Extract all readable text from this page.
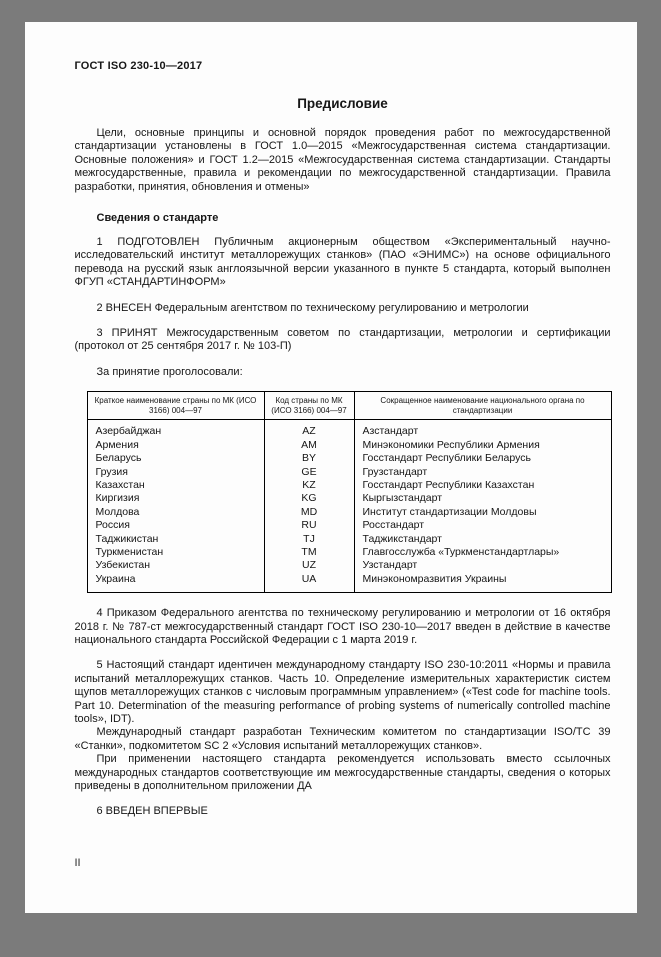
ГОСТ ISO 230-10—2017
Предисловие

Цели, основные принципы и основной порядок проведения работ по межгосударственной стандартизации установлены в ГОСТ 1.0—2015 «Межгосударственная система стандартизации. Основные положения» и ГОСТ 1.2—2015 «Межгосударственная система стандартизации. Стандарты межгосударственные, правила и рекомендации по межгосударственной стандартизации. Правила разработки, принятия, обновления и отмены»

Сведения о стандарте

1 ПОДГОТОВЛЕН Публичным акционерным обществом «Экспериментальный научно-исследовательский институт металлорежущих станков» (ПАО «ЭНИМС») на основе официального перевода на русский язык англоязычной версии указанного в пункте 5 стандарта, который выполнен ФГУП «СТАНДАРТИНФОРМ»

2 ВНЕСЕН Федеральным агентством по техническому регулированию и метрологии

3 ПРИНЯТ Межгосударственным советом по стандартизации, метрологии и сертификации (протокол от 25 сентября 2017 г. № 103-П)

За принятие проголосовали:

Краткое наименование страны по МК (ИСО 3166) 004—97	Код страны по МК (ИСО 3166) 004—97	Сокращенное наименование национального органа по стандартизации
Азербайджан	AZ	Азстандарт
Армения	AM	Минэкономики Республики Армения
Беларусь	BY	Госстандарт Республики Беларусь
Грузия	GE	Грузстандарт
Казахстан	KZ	Госстандарт Республики Казахстан
Киргизия	KG	Кыргызстандарт
Молдова	MD	Институт стандартизации Молдовы
Россия	RU	Росстандарт
Таджикистан	TJ	Таджикстандарт
Туркменистан	TM	Главгосслужба «Туркменстандартлары»
Узбекистан	UZ	Узстандарт
Украина	UA	Минэкономразвития Украины

4 Приказом Федерального агентства по техническому регулированию и метрологии от 16 октября 2018 г. № 787-ст межгосударственный стандарт ГОСТ ISO 230-10—2017 введен в действие в качестве национального стандарта Российской Федерации с 1 марта 2019 г.

5 Настоящий стандарт идентичен международному стандарту ISO 230-10:2011 «Нормы и правила испытаний металлорежущих станков. Часть 10. Определение измерительных характеристик систем щупов металлорежущих станков с числовым программным управлением» («Test code for machine tools. Part 10. Determination of the measuring performance of probing systems of numerically controlled machine tools», IDT).

Международный стандарт разработан Техническим комитетом по стандартизации ISO/TC 39 «Станки», подкомитетом SC 2 «Условия испытаний металлорежущих станков».

При применении настоящего стандарта рекомендуется использовать вместо ссылочных международных стандартов соответствующие им межгосударственные стандарты, сведения о которых приведены в дополнительном приложении ДА

6 ВВЕДЕН ВПЕРВЫЕ

II
